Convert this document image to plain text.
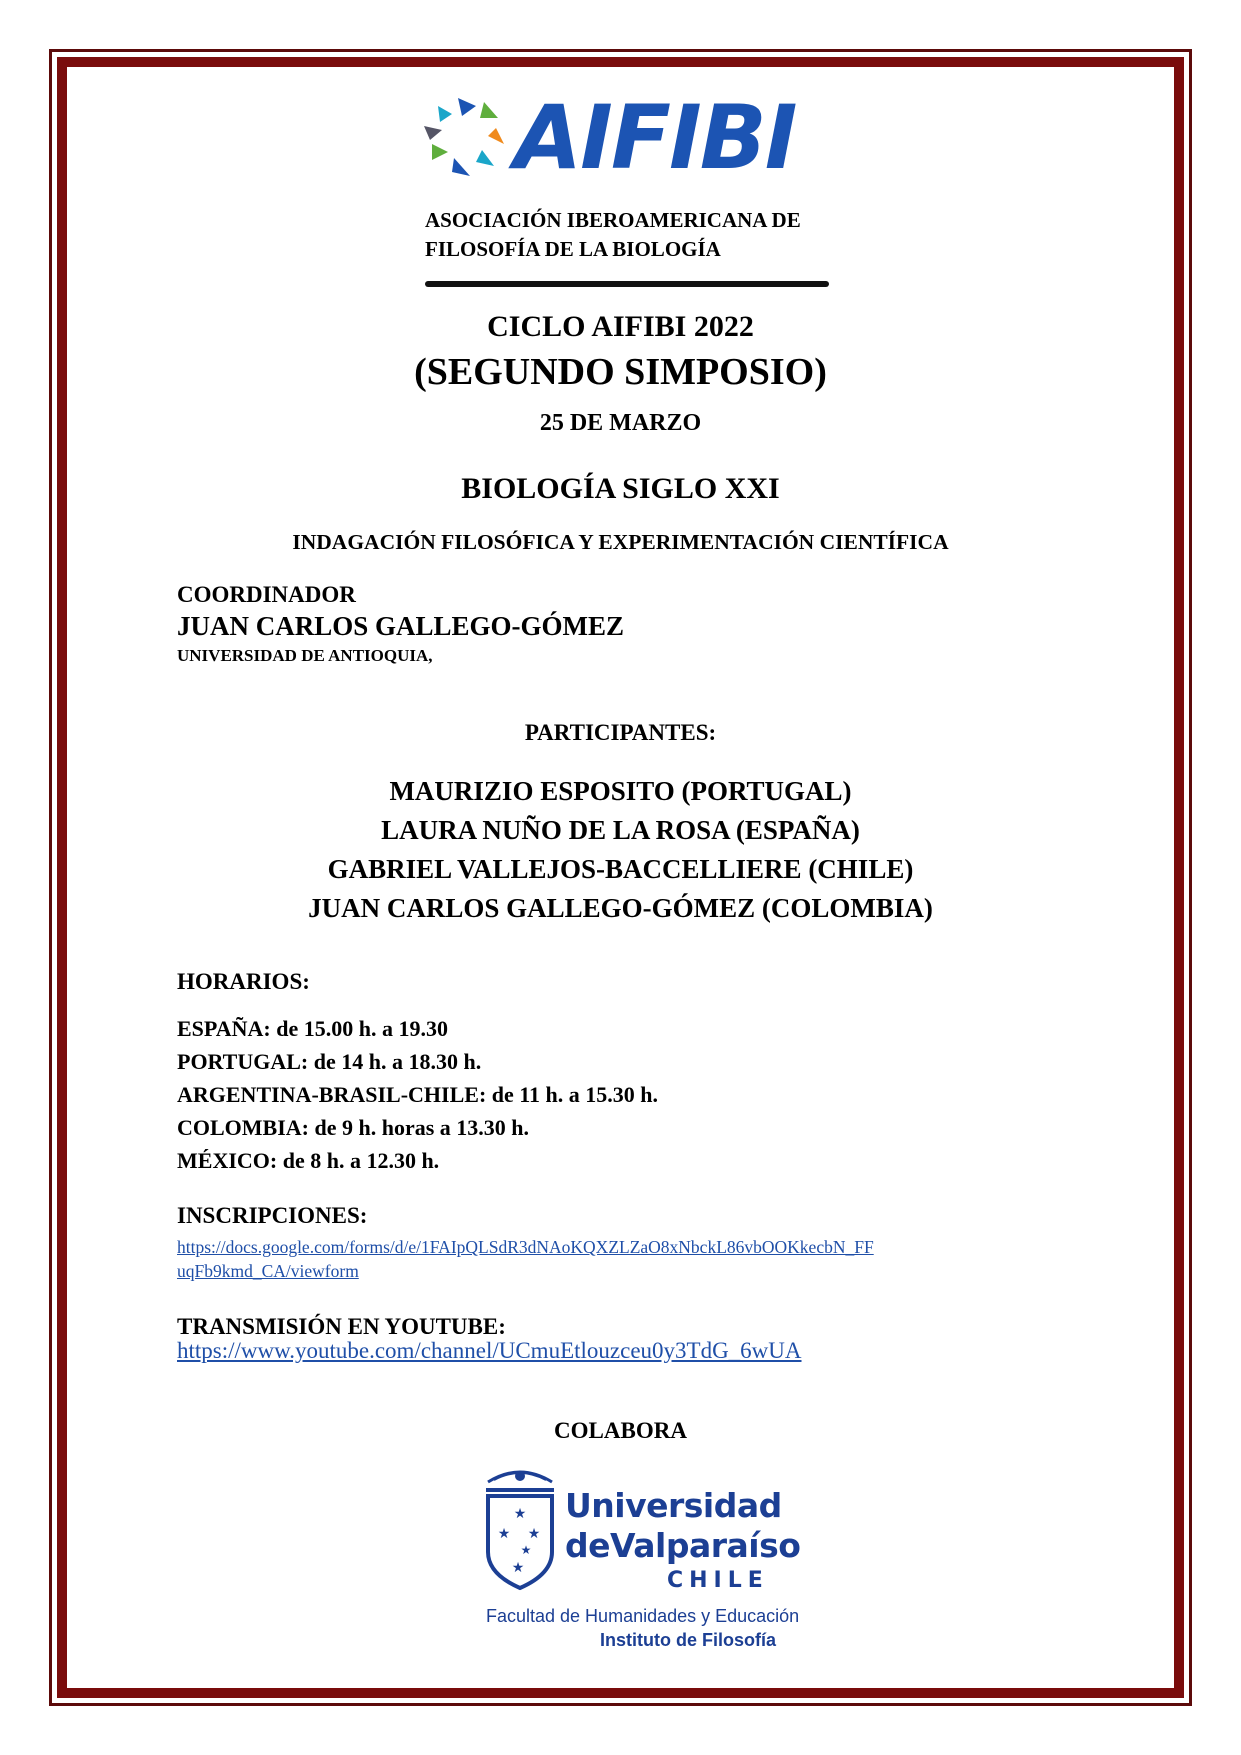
AIFIBI
ASOCIACIÓN IBEROAMERICANA DE
FILOSOFÍA DE LA BIOLOGÍA
CICLO AIFIBI 2022
(SEGUNDO SIMPOSIO)
25 DE MARZO
BIOLOGÍA SIGLO XXI
INDAGACIÓN FILOSÓFICA Y EXPERIMENTACIÓN CIENTÍFICA
COORDINADOR
JUAN CARLOS GALLEGO-GÓMEZ
UNIVERSIDAD DE ANTIOQUIA,
PARTICIPANTES:
MAURIZIO ESPOSITO (PORTUGAL)
LAURA NUÑO DE LA ROSA (ESPAÑA)
GABRIEL VALLEJOS-BACCELLIERE (CHILE)
JUAN CARLOS GALLEGO-GÓMEZ (COLOMBIA)
HORARIOS:
ESPAÑA: de 15.00 h. a 19.30
PORTUGAL: de 14 h. a 18.30 h.
ARGENTINA-BRASIL-CHILE: de 11 h. a 15.30 h.
COLOMBIA: de 9 h. horas a 13.30 h.
MÉXICO: de 8 h. a 12.30 h.
INSCRIPCIONES:
https://docs.google.com/forms/d/e/1FAIpQLSdR3dNAoKQXZLZaO8xNbckL86vbOOKkecbN_FF
uqFb9kmd_CA/viewform
TRANSMISIÓN EN YOUTUBE:
https://www.youtube.com/channel/UCmuEtlouzceu0y3TdG_6wUA
COLABORA
★
★ ★
★
★
Universidad
deValparaíso
CHILE
Facultad de Humanidades y Educación
Instituto de Filosofía
